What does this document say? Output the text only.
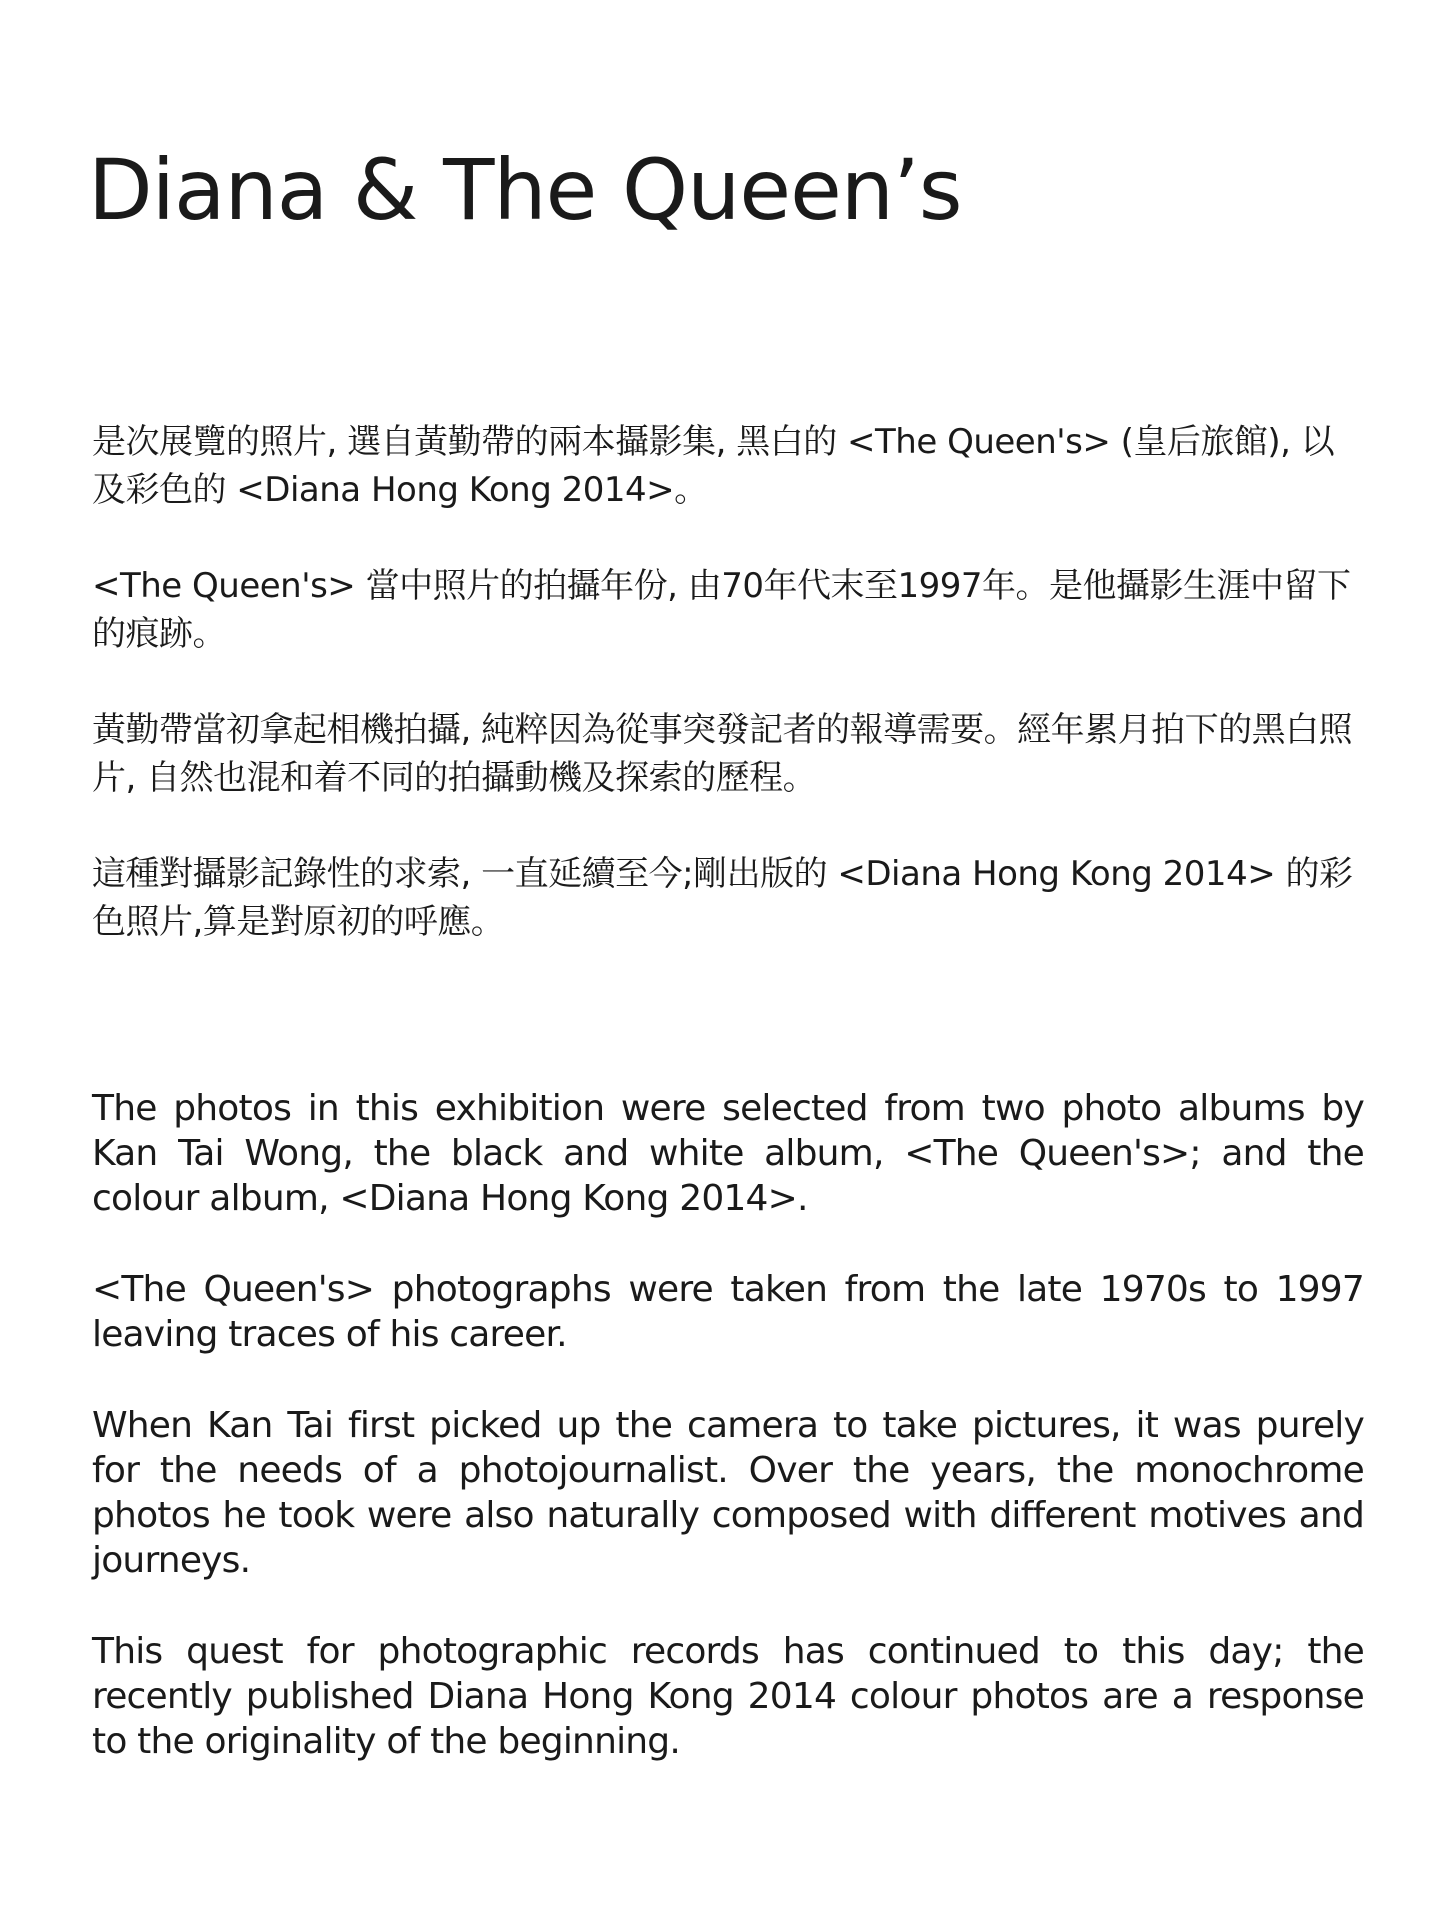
Diana & The Queen’s

是次展覽的照片, 選自黃勤帶的兩本攝影集, 黑白的 <The Queen's> (皇后旅館), 以及彩色的 <Diana Hong Kong 2014>。

<The Queen's> 當中照片的拍攝年份, 由70年代末至1997年。是他攝影生涯中留下的痕跡。

黃勤帶當初拿起相機拍攝, 純粹因為從事突發記者的報導需要。經年累月拍下的黑白照片, 自然也混和着不同的拍攝動機及探索的歷程。

這種對攝影記錄性的求索, 一直延續至今;剛出版的 <Diana Hong Kong 2014> 的彩色照片,算是對原初的呼應。

The photos in this exhibition were selected from two photo albums by Kan Tai Wong, the black and white album, <The Queen's>; and the colour album, <Diana Hong Kong 2014>.

<The Queen's> photographs were taken from the late 1970s to 1997 leaving traces of his career.

When Kan Tai first picked up the camera to take pictures, it was purely for the needs of a photojournalist. Over the years, the monochrome photos he took were also naturally composed with different motives and journeys.

This quest for photographic records has continued to this day; the recently published Diana Hong Kong 2014 colour photos are a response to the originality of the beginning.
